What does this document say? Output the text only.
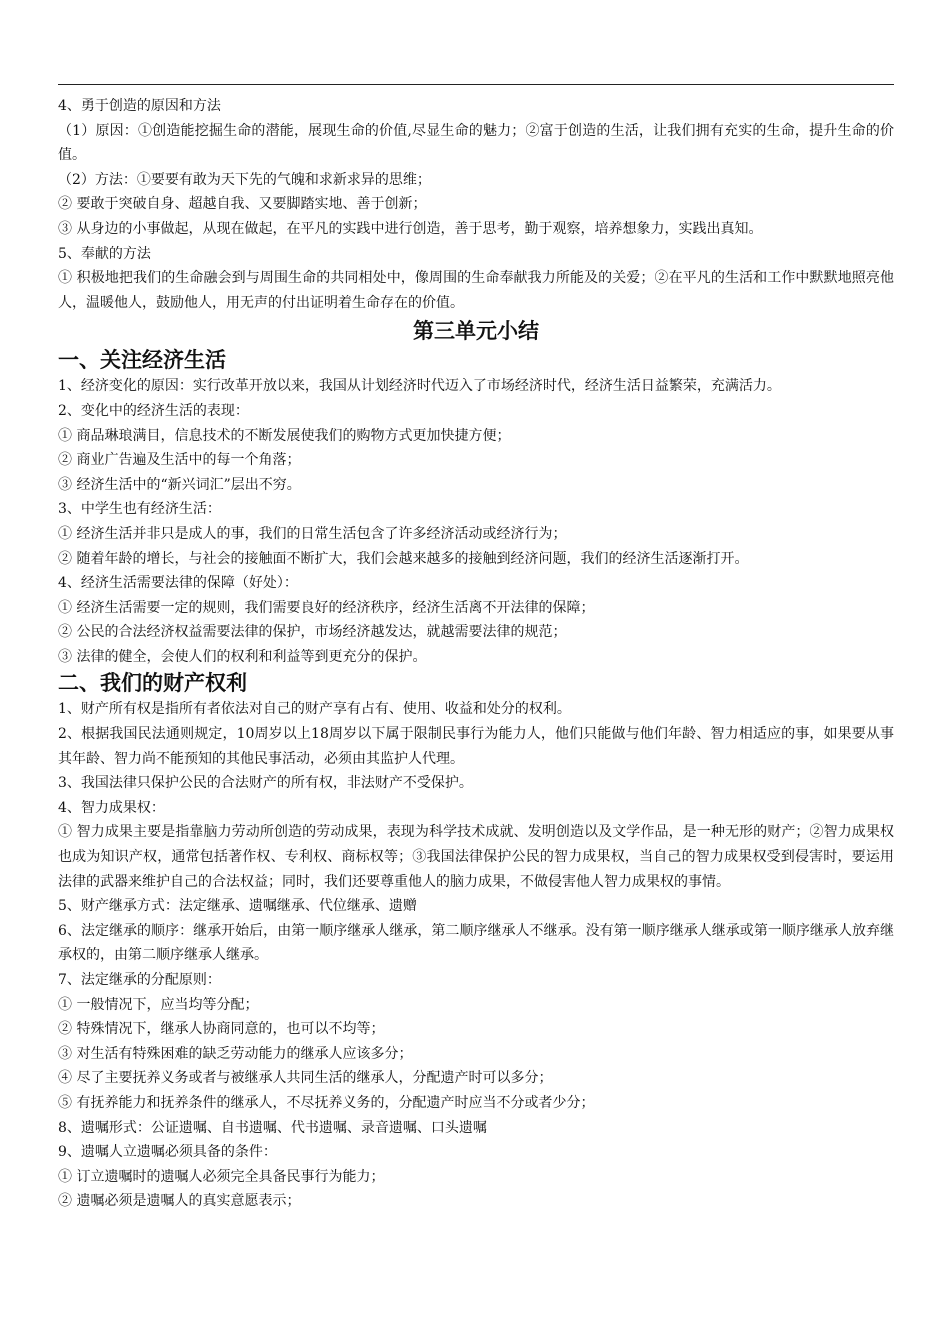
4、勇于创造的原因和方法
（1）原因：①创造能挖掘生命的潜能，展现生命的价值,尽显生命的魅力；②富于创造的生活，让我们拥有充实的生命，提升生命的价值。
（2）方法：①要要有敢为天下先的气魄和求新求异的思维；
② 要敢于突破自身、超越自我、又要脚踏实地、善于创新；
③ 从身边的小事做起，从现在做起，在平凡的实践中进行创造，善于思考，勤于观察，培养想象力，实践出真知。
5、奉献的方法
① 积极地把我们的生命融会到与周围生命的共同相处中，像周围的生命奉献我力所能及的关爱；②在平凡的生活和工作中默默地照亮他人，温暖他人，鼓励他人，用无声的付出证明着生命存在的价值。
第三单元小结
一、关注经济生活
1、经济变化的原因：实行改革开放以来，我国从计划经济时代迈入了市场经济时代，经济生活日益繁荣，充满活力。
2、变化中的经济生活的表现：
① 商品琳琅满目，信息技术的不断发展使我们的购物方式更加快捷方便；
② 商业广告遍及生活中的每一个角落；
③ 经济生活中的“新兴词汇”层出不穷。
3、中学生也有经济生活：
① 经济生活并非只是成人的事，我们的日常生活包含了许多经济活动或经济行为；
② 随着年龄的增长，与社会的接触面不断扩大，我们会越来越多的接触到经济问题，我们的经济生活逐渐打开。
4、经济生活需要法律的保障（好处）：
① 经济生活需要一定的规则，我们需要良好的经济秩序，经济生活离不开法律的保障；
② 公民的合法经济权益需要法律的保护，市场经济越发达，就越需要法律的规范；
③ 法律的健全，会使人们的权利和利益等到更充分的保护。
二、我们的财产权利
1、财产所有权是指所有者依法对自己的财产享有占有、使用、收益和处分的权利。
2、根据我国民法通则规定，10周岁以上18周岁以下属于限制民事行为能力人，他们只能做与他们年龄、智力相适应的事，如果要从事其年龄、智力尚不能预知的其他民事活动，必须由其监护人代理。
3、我国法律只保护公民的合法财产的所有权，非法财产不受保护。
4、智力成果权：
① 智力成果主要是指靠脑力劳动所创造的劳动成果，表现为科学技术成就、发明创造以及文学作品，是一种无形的财产；②智力成果权也成为知识产权，通常包括著作权、专利权、商标权等；③我国法律保护公民的智力成果权，当自己的智力成果权受到侵害时，要运用法律的武器来维护自己的合法权益；同时，我们还要尊重他人的脑力成果，不做侵害他人智力成果权的事情。
5、财产继承方式：法定继承、遗嘱继承、代位继承、遗赠
6、法定继承的顺序：继承开始后，由第一顺序继承人继承，第二顺序继承人不继承。没有第一顺序继承人继承或第一顺序继承人放弃继承权的，由第二顺序继承人继承。
7、法定继承的分配原则：
① 一般情况下，应当均等分配；
② 特殊情况下，继承人协商同意的，也可以不均等；
③ 对生活有特殊困难的缺乏劳动能力的继承人应该多分；
④ 尽了主要抚养义务或者与被继承人共同生活的继承人，分配遗产时可以多分；
⑤ 有抚养能力和抚养条件的继承人，不尽抚养义务的，分配遗产时应当不分或者少分；
8、遗嘱形式：公证遗嘱、自书遗嘱、代书遗嘱、录音遗嘱、口头遗嘱
9、遗嘱人立遗嘱必须具备的条件：
① 订立遗嘱时的遗嘱人必须完全具备民事行为能力；
② 遗嘱必须是遗嘱人的真实意愿表示；
